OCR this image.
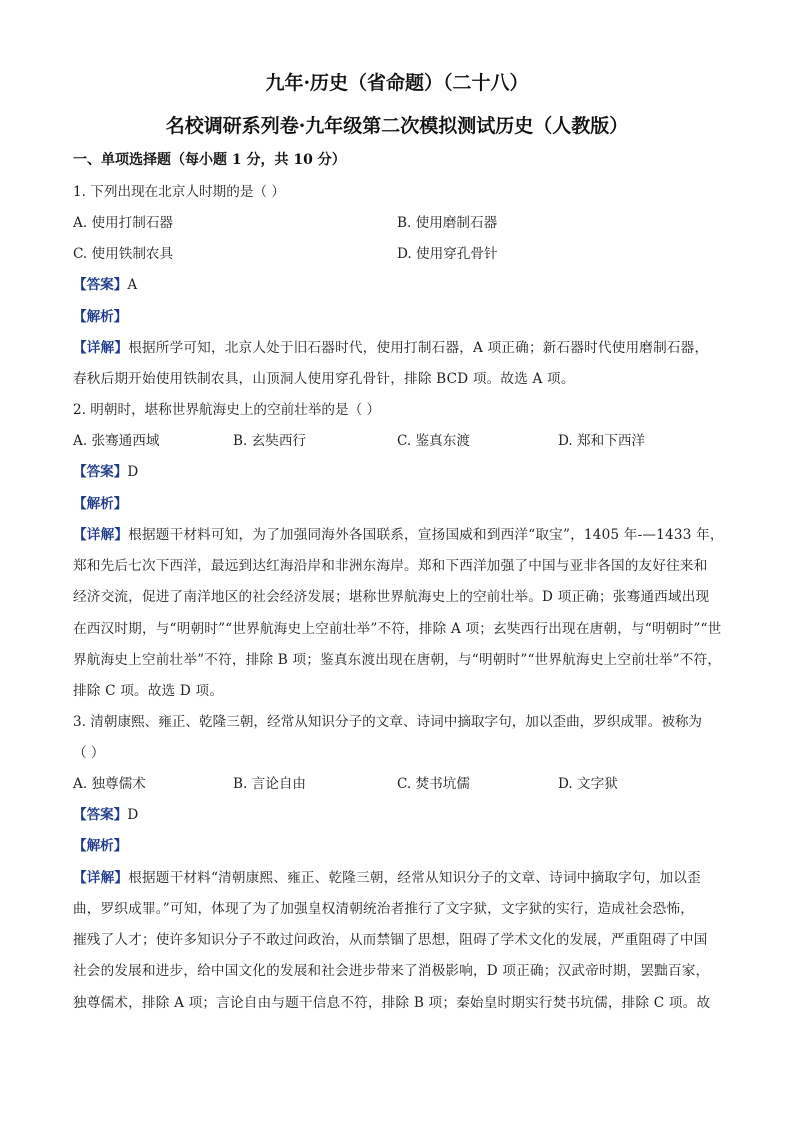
九年·历史（省命题）（二十八）
名校调研系列卷·九年级第二次模拟测试历史（人教版）
一、单项选择题（每小题 1 分，共 10 分）
1. 下列出现在北京人时期的是（ ）
A. 使用打制石器	B. 使用磨制石器
C. 使用铁制农具	D. 使用穿孔骨针
【答案】A
【解析】
【详解】根据所学可知，北京人处于旧石器时代，使用打制石器，A 项正确；新石器时代使用磨制石器，
春秋后期开始使用铁制农具，山顶洞人使用穿孔骨针，排除 BCD 项。故选 A 项。
2. 明朝时，堪称世界航海史上的空前壮举的是（ ）
A. 张骞通西域	B. 玄奘西行	C. 鉴真东渡	D. 郑和下西洋
【答案】D
【解析】
【详解】根据题干材料可知，为了加强同海外各国联系，宣扬国威和到西洋“取宝”，1405 年-—1433 年，
郑和先后七次下西洋，最远到达红海沿岸和非洲东海岸。郑和下西洋加强了中国与亚非各国的友好往来和
经济交流，促进了南洋地区的社会经济发展；堪称世界航海史上的空前壮举。D 项正确；张骞通西域出现
在西汉时期，与“明朝时”“世界航海史上空前壮举”不符，排除 A 项；玄奘西行出现在唐朝，与“明朝时”“世
界航海史上空前壮举”不符，排除 B 项；鉴真东渡出现在唐朝，与“明朝时”“世界航海史上空前壮举”不符，
排除 C 项。故选 D 项。
3. 清朝康熙、雍正、乾隆三朝，经常从知识分子的文章、诗词中摘取字句，加以歪曲，罗织成罪。被称为
（ ）
A. 独尊儒术	B. 言论自由	C. 焚书坑儒	D. 文字狱
【答案】D
【解析】
【详解】根据题干材料“清朝康熙、雍正、乾隆三朝，经常从知识分子的文章、诗词中摘取字句，加以歪
曲，罗织成罪。”可知，体现了为了加强皇权清朝统治者推行了文字狱，文字狱的实行，造成社会恐怖，
摧残了人才；使许多知识分子不敢过问政治，从而禁锢了思想，阻碍了学术文化的发展，严重阻碍了中国
社会的发展和进步，给中国文化的发展和社会进步带来了消极影响，D 项正确；汉武帝时期，罢黜百家，
独尊儒术，排除 A 项；言论自由与题干信息不符，排除 B 项；秦始皇时期实行焚书坑儒，排除 C 项。故
